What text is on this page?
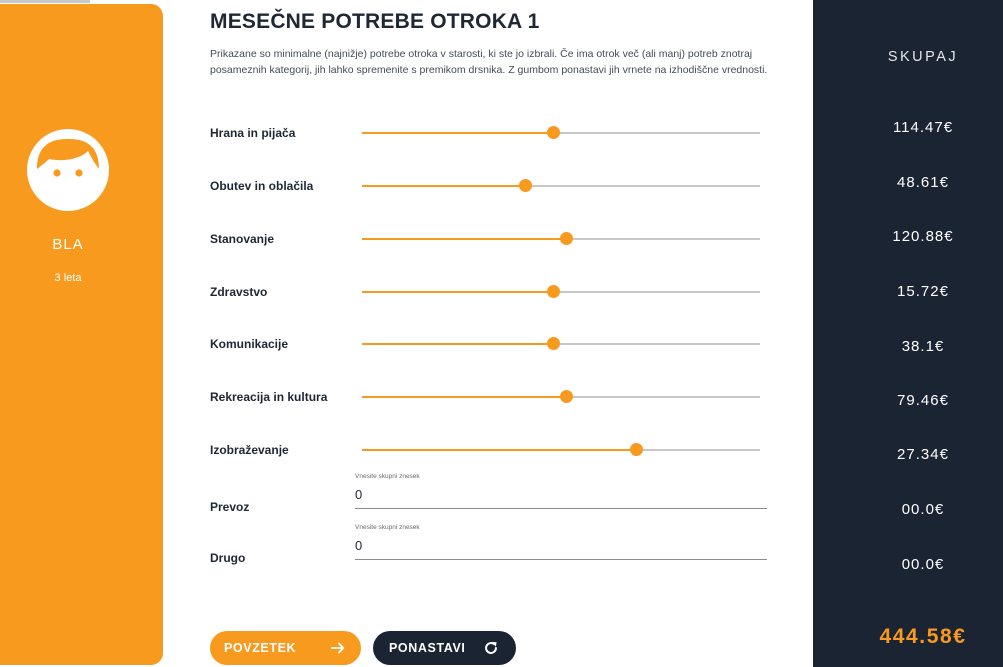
BLA
3 leta
MESEČNE POTREBE OTROKA 1

Prikazane so minimalne (najnižje) potrebe otroka v starosti, ki ste jo izbrali. Če ima otrok več (ali manj) potreb znotraj posameznih kategorij, jih lahko spremenite s premikom drsnika. Z gumbom ponastavi jih vrnete na izhodiščne vrednosti.

Hrana in pijača
Obutev in oblačila
Stanovanje
Zdravstvo
Komunikacije
Rekreacija in kultura
Izobraževanje
Prevoz
Vnesite skupni znesek
0
Drugo
Vnesite skupni znesek
0
POVZETEK	PONASTAVI
SKUPAJ
114.47€
48.61€
120.88€
15.72€
38.1€
79.46€
27.34€
00.0€
00.0€
444.58€
